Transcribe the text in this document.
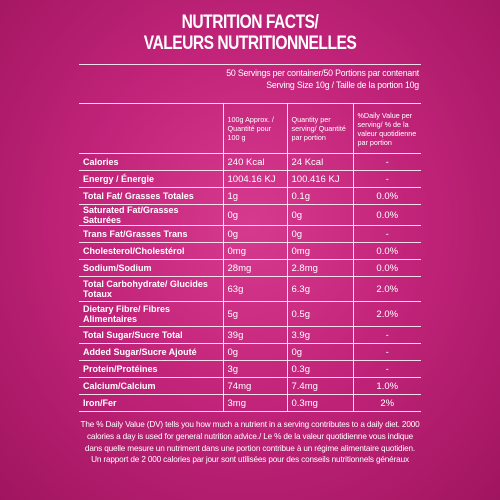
NUTRITION FACTS/
VALEURS NUTRITIONNELLES
50 Servings per container/50 Portions par contenant
Serving Size 10g / Taille de la portion 10g
	100g Approx. / Quantité pour 100 g	Quantity per serving/ Quantité par portion	%Daily Value per serving/ % de la valeur quotidienne par portion
Calories	240 Kcal	24 Kcal	-
Energy / Énergie	1004.16 KJ	100.416 KJ	-
Total Fat/ Grasses Totales	1g	0.1g	0.0%
Saturated Fat/Grasses Saturées	0g	0g	0.0%
Trans Fat/Grasses Trans	0g	0g	-
Cholesterol/Cholestérol	0mg	0mg	0.0%
Sodium/Sodium	28mg	2.8mg	0.0%
Total Carbohydrate/ Glucides Totaux	63g	6.3g	2.0%
Dietary Fibre/ Fibres Alimentaires	5g	0.5g	2.0%
Total Sugar/Sucre Total	39g	3.9g	-
Added Sugar/Sucre Ajouté	0g	0g	-
Protein/Protéines	3g	0.3g	-
Calcium/Calcium	74mg	7.4mg	1.0%
Iron/Fer	3mg	0.3mg	2%
The % Daily Value (DV) tells you how much a nutrient in a serving contributes to a daily diet. 2000 calories a day is used for general nutrition advice./ Le % de la valeur quotidienne vous indique dans quelle mesure un nutriment dans une portion contribue à un régime alimentaire quotidien. Un rapport de 2 000 calories par jour sont utilisées pour des conseils nutritionnels généraux
